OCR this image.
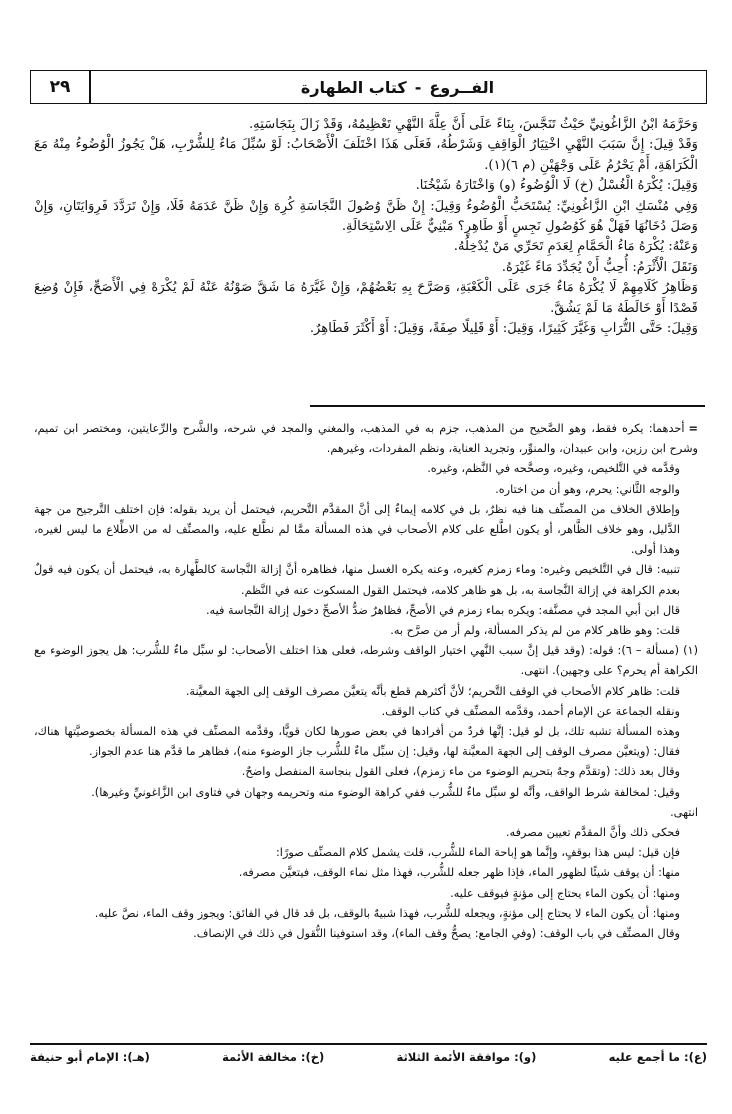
٢٩	الفــروع
-
كتاب الطهارة

وَحَرَّمَهُ ابْنُ الزَّاغُونِيِّ حَيْثُ تَنَجَّسَ، بِنَاءً عَلَى أَنَّ عِلَّةَ النَّهْيِ تَعْظِيمُهُ، وَقَدْ زَالَ بِنَجَاسَتِهِ.

وَقَدْ قِيلَ: إِنَّ سَبَبَ النَّهْيِ اخْتِيَارُ الْوَاقِفِ وَشَرْطُهُ، فَعَلَى هَذَا اخْتَلَفَ الْأَصْحَابُ: لَوْ سُبِّلَ مَاءٌ لِلشُّرْبِ، هَلْ يَجُوزُ الْوُضُوءُ مِنْهُ مَعَ الْكَرَاهَةِ، أَمْ يَحْرُمُ عَلَى وَجْهَيْنِ (م ٦)(١).

وَقِيلَ: يُكْرَهُ الْغُسْلُ (خ) لَا الْوُضُوءُ (و) وَاخْتَارَهُ شَيْخُنَا.

وَفِي مُنْسَكِ ابْنِ الزَّاغُونِيِّ: يُسْتَحَبُّ الْوُضُوءُ وَقِيلَ: إِنْ ظَنَّ وُصُولَ النَّجَاسَةِ كُرِهَ وَإِنْ ظَنَّ عَدَمَهُ فَلَا، وَإِنْ تَرَدَّدَ فَرِوَايَتَانِ، وَإِنْ وَصَلَ دُخَانُهَا فَهَلْ هُوَ كَوُصُولِ نَجِسٍ أَوْ طَاهِرٍ؟ مَبْنِيٌّ عَلَى الِاسْتِحَالَةِ.

وَعَنْهُ: يُكْرَهُ مَاءُ الْحَمَّامِ لِعَدَمِ تَحَرِّي مَنْ يُدْخِلُهُ.

وَنَقَلَ الْأَثْرَمُ: أُحِبُّ أَنْ يُجَدِّدَ مَاءً غَيْرَهُ.

وَظَاهِرُ كَلَامِهِمْ لَا يُكْرَهُ مَاءٌ جَرَى عَلَى الْكَعْبَةِ، وَصَرَّحَ بِهِ بَعْضُهُمْ، وَإِنْ غَيَّرَهُ مَا شَقَّ صَوْنُهُ عَنْهُ لَمْ يُكْرَهْ فِي الْأَصَحِّ، فَإِنْ وُضِعَ قَصْدًا أَوْ خَالَطَهُ مَا لَمْ يَشُقَّ.

وَقِيلَ: حَتَّى التُّرَابِ وَغَيَّرَ كَثِيرًا، وَقِيلَ: أَوْ قَلِيلًا صِفَةً، وَقِيلَ: أَوْ أَكْثَرَ فَطَاهِرٌ.

=أحدهما: يكره فقط، وهو الصَّحيح من المذهب، جزم به في المذهب، والمغني والمجد في شرحه، والشَّرح والرِّعايتين، ومختصر ابن تميم، وشرح ابن رزين، وابن عبيدان، والمنوِّر، وتجريد العناية، ونظم المفردات، وغيرهم.

وقدَّمه في التَّلخيص، وغيره، وصحَّحه في النَّظم، وغيره.

والوجه الثَّاني: يحرم، وهو أن من اختاره.

وإطلاق الخلاف من المصنِّف هنا فيه نظرٌ، بل في كلامه إيماءٌ إلى أنَّ المقدَّم التَّحريم، فيحتمل أن يريد بقوله: فإن اختلف التَّرجيح من جهة الدَّليل، وهو خلاف الظَّاهر، أو يكون اطَّلع على كلام الأصحاب في هذه المسألة ممَّا لم نطَّلع عليه، والمصنِّف له من الاطِّلاع ما ليس لغيره، وهذا أولى.

تنبيه: قال في التَّلخيص وغيره: وماء زمزم كغيره، وعنه يكره الغسل منها، فظاهره أنَّ إزالة النَّجاسة كالطَّهارة به، فيحتمل أن يكون فيه قولٌ بعدم الكراهة في إزالة النَّجاسة به، بل هو ظاهر كلامه، فيحتمل القول المسكوت عنه في النَّظم.

قال ابن أبي المجد في مصنَّفه: ويكره بماء زمزم في الأصحِّ، فظاهرٌ ضدُّ الأصحِّ دخول إزالة النَّجاسة فيه.

قلت: وهو ظاهر كلام من لم يذكر المسألة، ولم أر من صرَّح به.

(١) (مسألة – ٦): قوله: (وقد قيل إنَّ سبب النَّهي اختيار الواقف وشرطه، فعلى هذا اختلف الأصحاب: لو سبِّل ماءٌ للشُّرب: هل يجوز الوضوء مع الكراهة أم يحرم؟ على وجهين). انتهى.

قلت: ظاهر كلام الأصحاب في الوقف التَّحريم؛ لأنَّ أكثرهم قطع بأنَّه يتعيَّن مصرف الوقف إلى الجهة المعيَّنة.

ونقله الجماعة عن الإمام أحمد، وقدَّمه المصنِّف في كتاب الوقف.

وهذه المسألة تشبه تلك، بل لو قيل: إنَّها فردٌ من أفرادها في بعض صورها لكان قويًّا، وقدَّمه المصنِّف في هذه المسألة بخصوصيَّتها هناك، فقال: (ويتعيَّن مصرف الوقف إلى الجهة المعيَّنة لها، وقيل: إن سبِّل ماءٌ للشُّرب جاز الوضوء منه)، فظاهر ما قدَّم هنا عدم الجواز.

وقال بعد ذلك: (وتقدَّم وجهٌ بتحريم الوضوء من ماء زمزم)، فعلى القول بنجاسة المنفصل واضحٌ.

وقيل: لمخالفة شرط الواقف، وأنَّه لو سبِّل ماءٌ للشُّرب ففي كراهة الوضوء منه وتحريمه وجهان في فتاوى ابن الزَّاغونيِّ وغيرها).

انتهى.

فحكى ذلك وأنَّ المقدَّم تعيين مصرفه.

فإن قيل: ليس هذا بوقفٍ، وإنَّما هو إباحة الماء للشُّرب، قلت يشمل كلام المصنِّف صورًا:

منها: أن يوقف شيئًا لظهور الماء، فإذا ظهر جعله للشُّرب، فهذا مثل نماء الوقف، فيتعيَّن مصرفه.

ومنها: أن يكون الماء يحتاج إلى مؤنةٍ فيوقف عليه.

ومنها: أن يكون الماء لا يحتاج إلى مؤنةٍ، ويجعله للشُّرب، فهذا شبيهٌ بالوقف، بل قد قال في الفائق: ويجوز وقف الماء، نصَّ عليه.

وقال المصنِّف في باب الوقف: (وفي الجامع: يصحُّ وقف الماء)، وقد استوفينا النُّقول في ذلك في الإنصاف.

(ع): ما أجمع عليه
(و): موافقة الأئمة الثلاثة
(خ): مخالفة الأئمة
(هـ): الإمام أبو حنيفة
